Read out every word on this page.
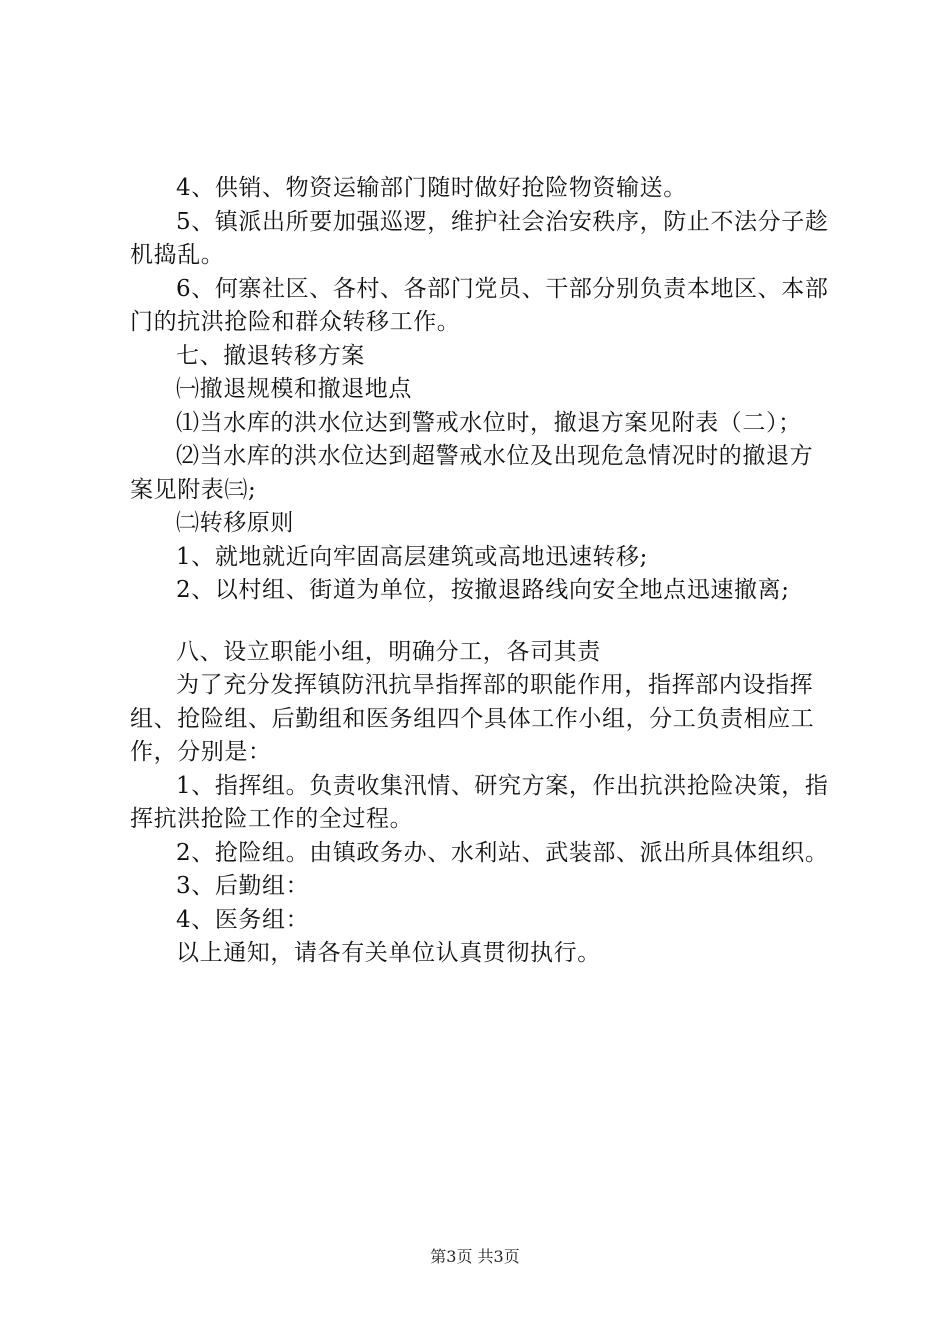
4、供销、物资运输部门随时做好抢险物资输送。

5、镇派出所要加强巡逻，维护社会治安秩序，防止不法分子趁机捣乱。

6、何寨社区、各村、各部门党员、干部分别负责本地区、本部门的抗洪抢险和群众转移工作。

七、撤退转移方案

㈠撤退规模和撤退地点

⑴当水库的洪水位达到警戒水位时，撤退方案见附表（二）；

⑵当水库的洪水位达到超警戒水位及出现危急情况时的撤退方案见附表㈢;

㈡转移原则

1、就地就近向牢固高层建筑或高地迅速转移;

2、以村组、街道为单位，按撤退路线向安全地点迅速撤离;

八、设立职能小组，明确分工，各司其责

为了充分发挥镇防汛抗旱指挥部的职能作用，指挥部内设指挥组、抢险组、后勤组和医务组四个具体工作小组，分工负责相应工作，分别是：

1、指挥组。负责收集汛情、研究方案，作出抗洪抢险决策，指挥抗洪抢险工作的全过程。

2、抢险组。由镇政务办、水利站、武装部、派出所具体组织。

3、后勤组：

4、医务组：

以上通知，请各有关单位认真贯彻执行。

第3页 共3页
